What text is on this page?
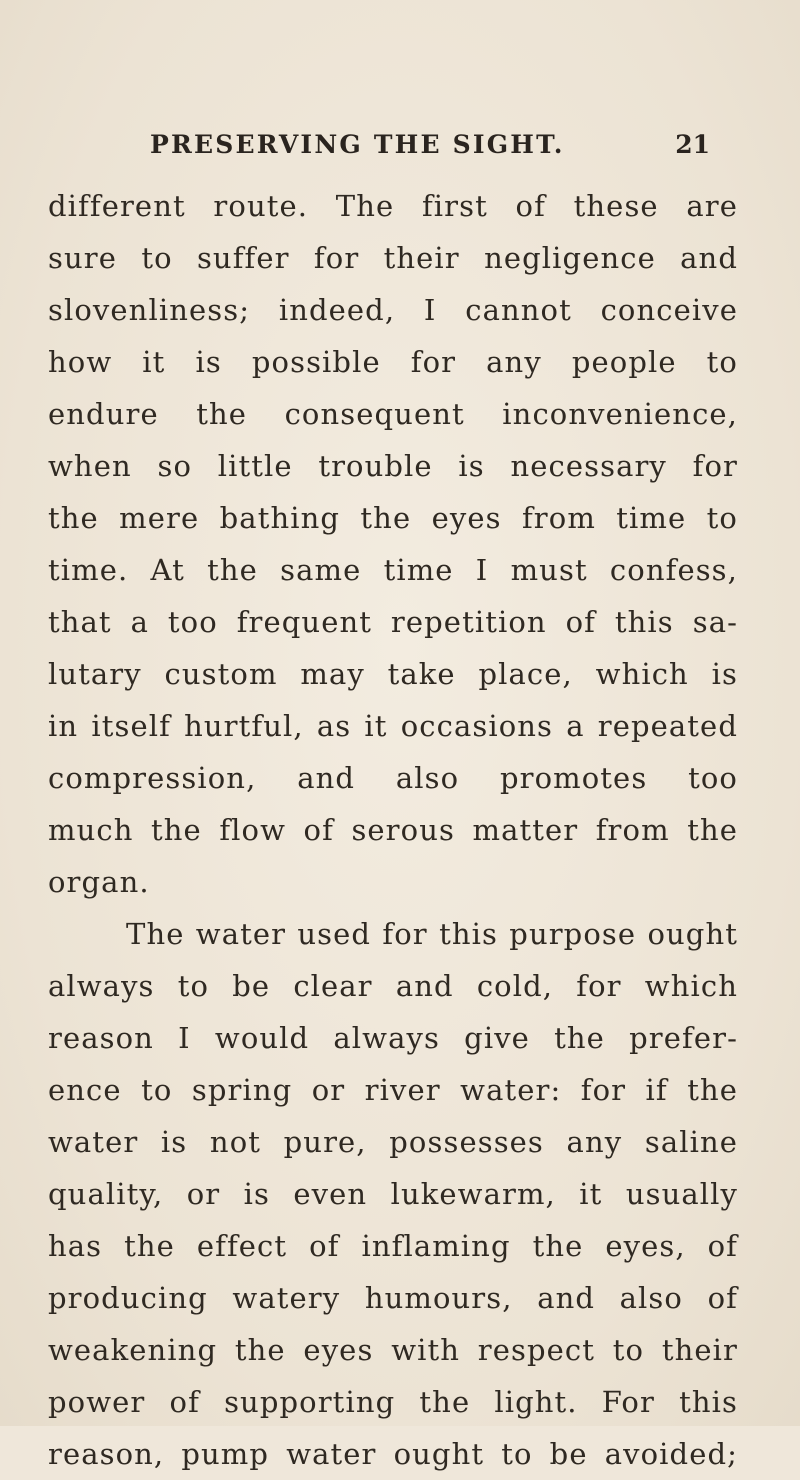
PRESERVING THE SIGHT.	21
different route. The first of these are
sure to suffer for their negligence and
slovenliness; indeed, I cannot conceive
how it is possible for any people to
endure the consequent inconvenience,
when so little trouble is necessary for
the mere bathing the eyes from time to
time. At the same time I must confess,
that a too frequent repetition of this sa-
lutary custom may take place, which is
in itself hurtful, as it occasions a repeated
compression, and also promotes too
much the flow of serous matter from the
organ.
The water used for this purpose ought
always to be clear and cold, for which
reason I would always give the prefer-
ence to spring or river water: for if the
water is not pure, possesses any saline
quality, or is even lukewarm, it usually
has the effect of inflaming the eyes, of
producing watery humours, and also of
weakening the eyes with respect to their
power of supporting the light. For this
reason, pump water ought to be avoided;
